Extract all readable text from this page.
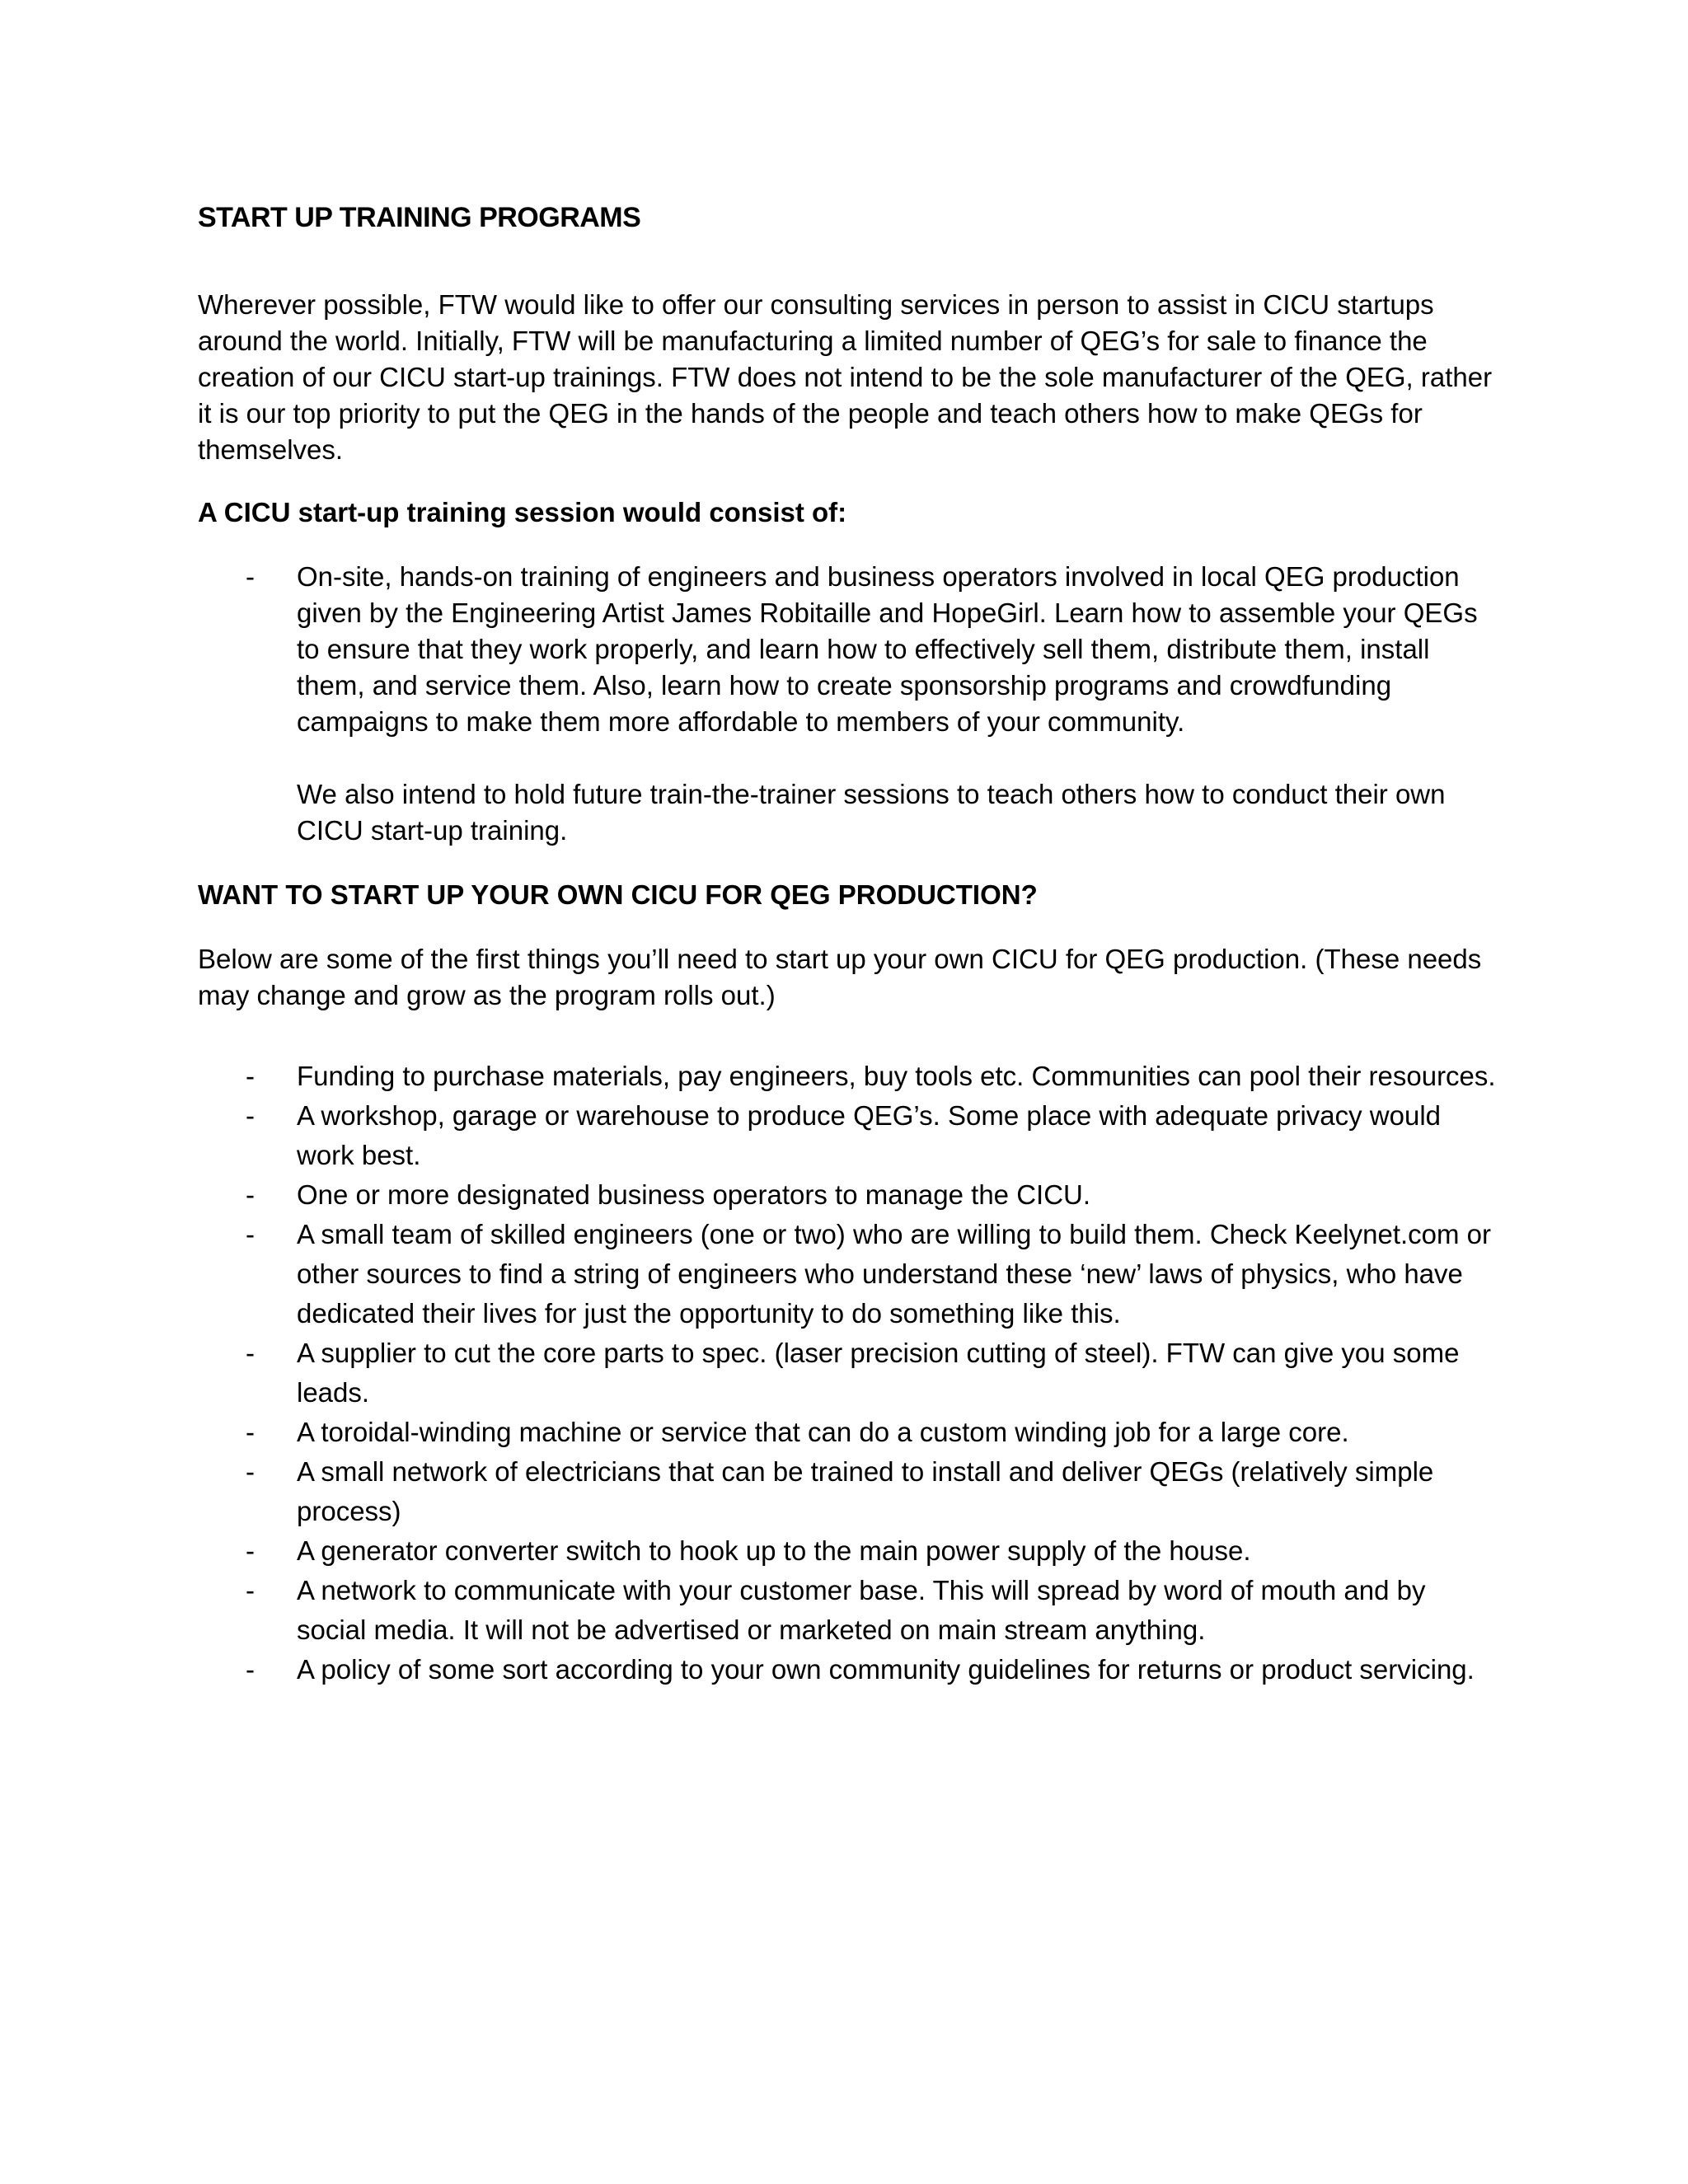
START UP TRAINING PROGRAMS

Wherever possible, FTW would like to offer our consulting services in person to assist in CICU startups around the world. Initially, FTW will be manufacturing a limited number of QEG’s for sale to finance the creation of our CICU start-up trainings. FTW does not intend to be the sole manufacturer of the QEG, rather it is our top priority to put the QEG in the hands of the people and teach others how to make QEGs for themselves.

A CICU start-up training session would consist of:
- On-site, hands-on training of engineers and business operators involved in local QEG production given by the Engineering Artist James Robitaille and HopeGirl. Learn how to assemble your QEGs to ensure that they work properly, and learn how to effectively sell them, distribute them, install them, and service them. Also, learn how to create sponsorship programs and crowdfunding campaigns to make them more affordable to members of your community.

We also intend to hold future train-the-trainer sessions to teach others how to conduct their own CICU start-up training.

WANT TO START UP YOUR OWN CICU FOR QEG PRODUCTION?

Below are some of the first things you’ll need to start up your own CICU for QEG production. (These needs may change and grow as the program rolls out.)

- Funding to purchase materials, pay engineers, buy tools etc. Communities can pool their resources.
- A workshop, garage or warehouse to produce QEG’s. Some place with adequate privacy would work best.
- One or more designated business operators to manage the CICU.
- A small team of skilled engineers (one or two) who are willing to build them. Check Keelynet.com or other sources to find a string of engineers who understand these ‘new’ laws of physics, who have dedicated their lives for just the opportunity to do something like this.
- A supplier to cut the core parts to spec. (laser precision cutting of steel). FTW can give you some leads.
- A toroidal-winding machine or service that can do a custom winding job for a large core.
- A small network of electricians that can be trained to install and deliver QEGs (relatively simple process)
- A generator converter switch to hook up to the main power supply of the house.
- A network to communicate with your customer base. This will spread by word of mouth and by social media. It will not be advertised or marketed on main stream anything.
- A policy of some sort according to your own community guidelines for returns or product servicing.
